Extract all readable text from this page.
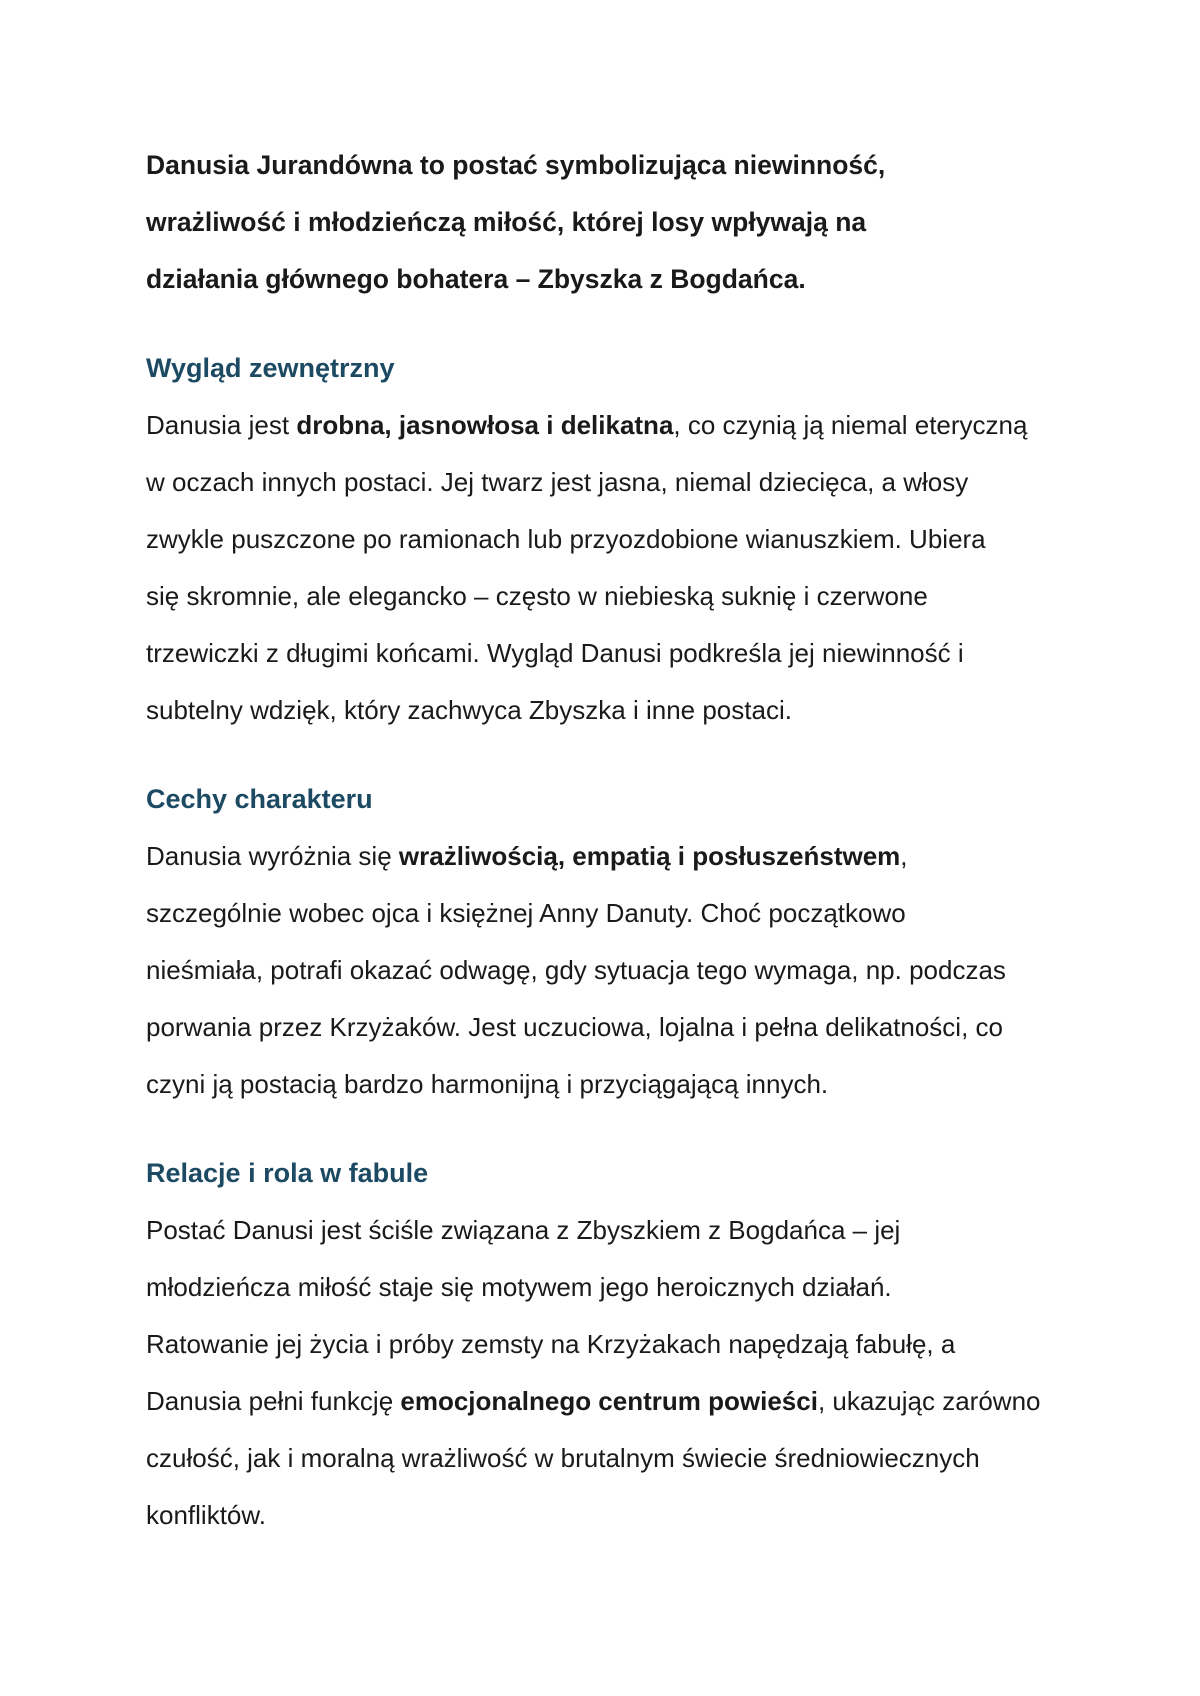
Danusia Jurandówna to postać symbolizująca niewinność,
wrażliwość i młodzieńczą miłość, której losy wpływają na
działania głównego bohatera – Zbyszka z Bogdańca.

Wygląd zewnętrzny

Danusia jest drobna, jasnowłosa i delikatna, co czynią ją niemal eteryczną
w oczach innych postaci. Jej twarz jest jasna, niemal dziecięca, a włosy
zwykle puszczone po ramionach lub przyozdobione wianuszkiem. Ubiera
się skromnie, ale elegancko – często w niebieską suknię i czerwone
trzewiczki z długimi końcami. Wygląd Danusi podkreśla jej niewinność i
subtelny wdzięk, który zachwyca Zbyszka i inne postaci.

Cechy charakteru

Danusia wyróżnia się wrażliwością, empatią i posłuszeństwem,
szczególnie wobec ojca i księżnej Anny Danuty. Choć początkowo
nieśmiała, potrafi okazać odwagę, gdy sytuacja tego wymaga, np. podczas
porwania przez Krzyżaków. Jest uczuciowa, lojalna i pełna delikatności, co
czyni ją postacią bardzo harmonijną i przyciągającą innych.

Relacje i rola w fabule

Postać Danusi jest ściśle związana z Zbyszkiem z Bogdańca – jej
młodzieńcza miłość staje się motywem jego heroicznych działań.
Ratowanie jej życia i próby zemsty na Krzyżakach napędzają fabułę, a
Danusia pełni funkcję emocjonalnego centrum powieści, ukazując zarówno
czułość, jak i moralną wrażliwość w brutalnym świecie średniowiecznych
konfliktów.
